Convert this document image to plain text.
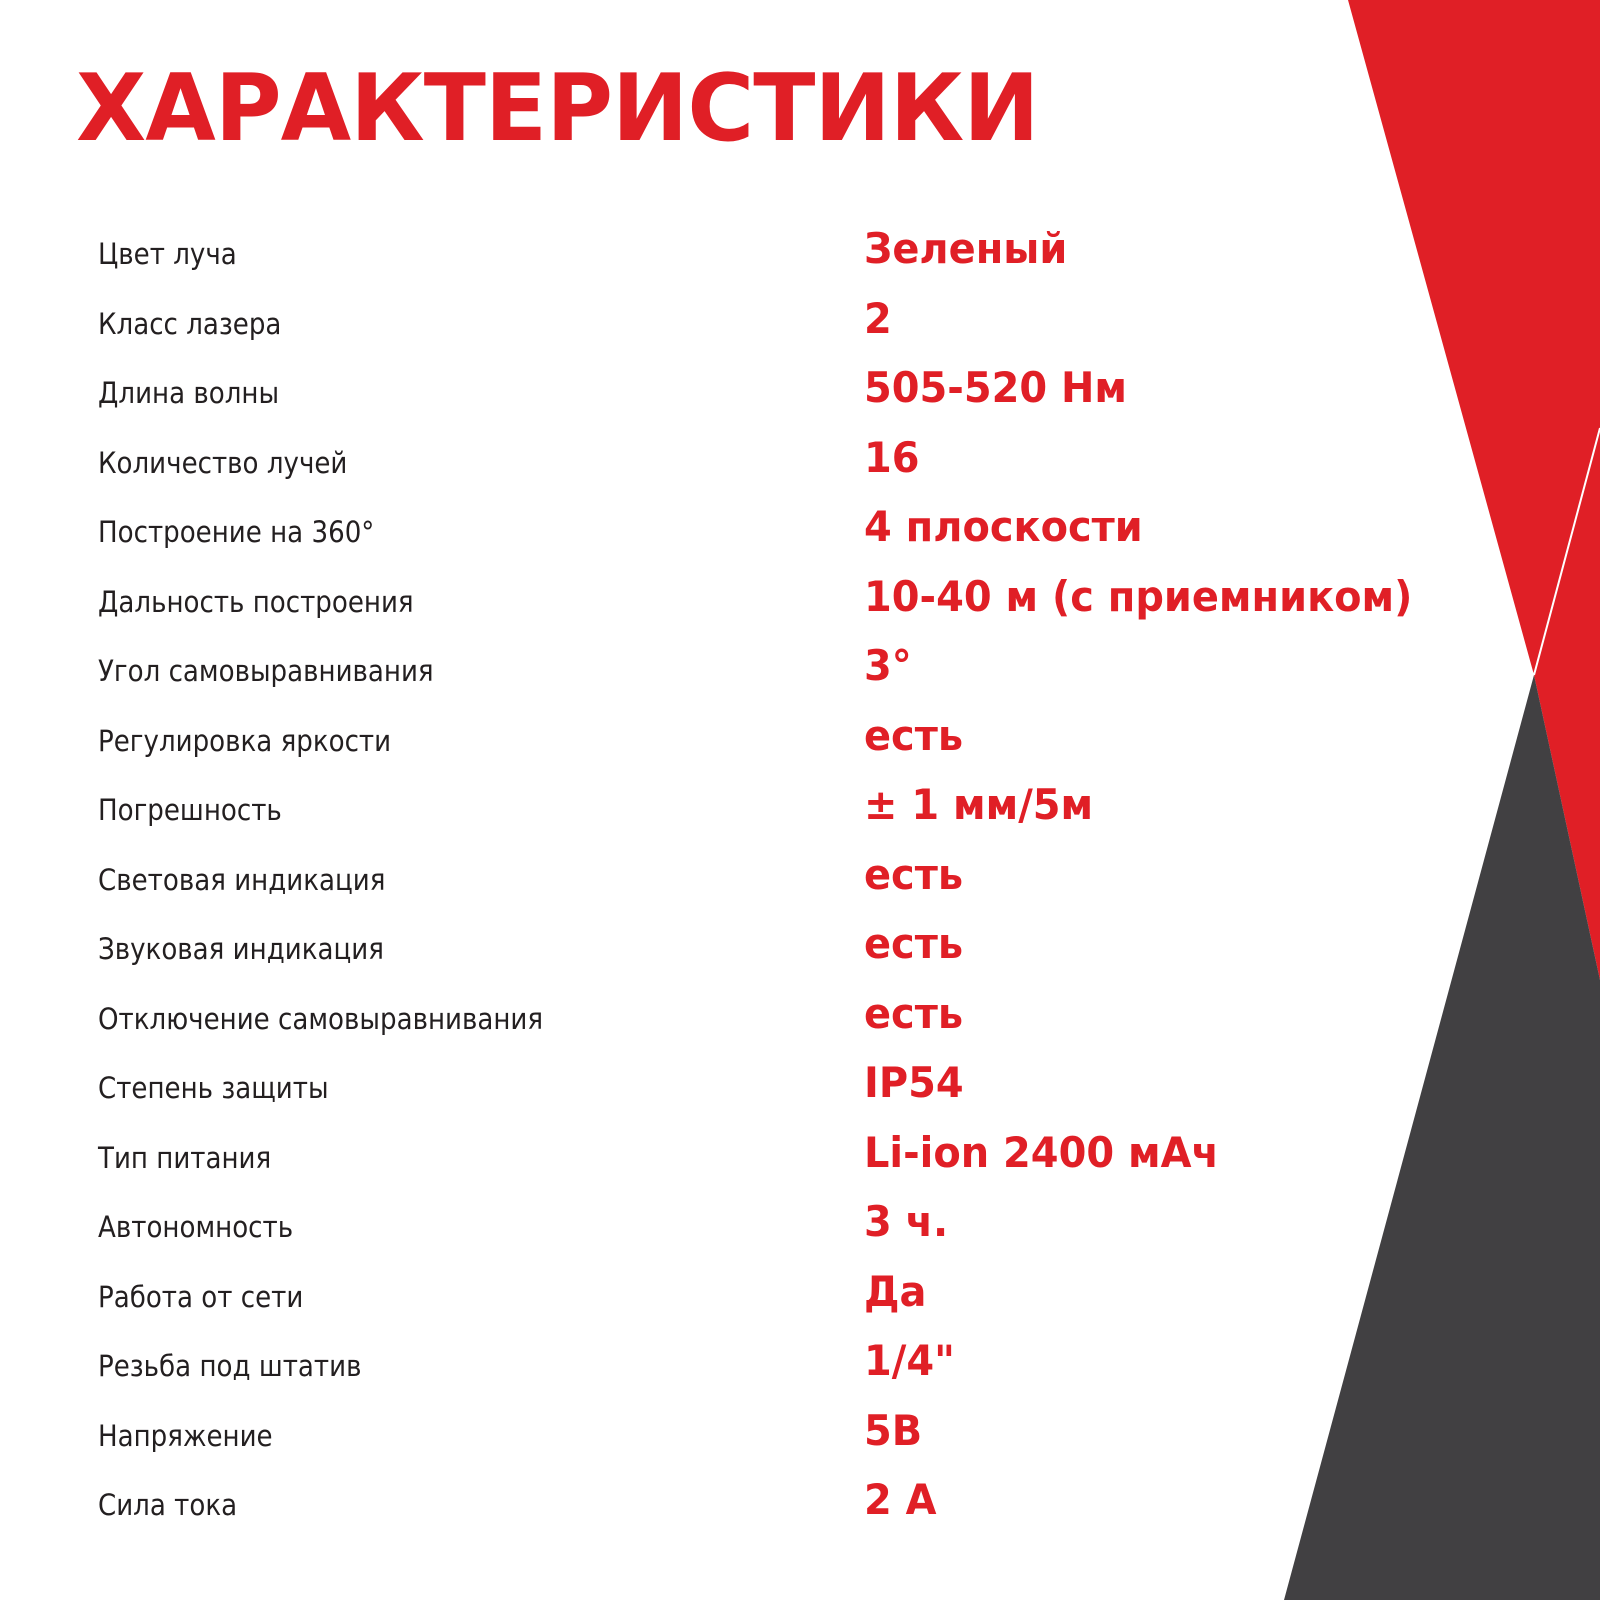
ХАРАКТЕРИСТИКИ
Цвет луча	Зеленый
Класс лазера	2
Длина волны	505-520 Нм
Количество лучей	16
Построение на 360°	4 плоскости
Дальность построения	10-40 м (с приемником)
Угол самовыравнивания	3°
Регулировка яркости	есть
Погрешность	± 1 мм/5м
Световая индикация	есть
Звуковая индикация	есть
Отключение самовыравнивания	есть
Степень защиты	IP54
Тип питания	Li-ion 2400 мАч
Автономность	3 ч.
Работа от сети	Да
Резьба под штатив	1/4"
Напряжение	5В
Сила тока	2 А
